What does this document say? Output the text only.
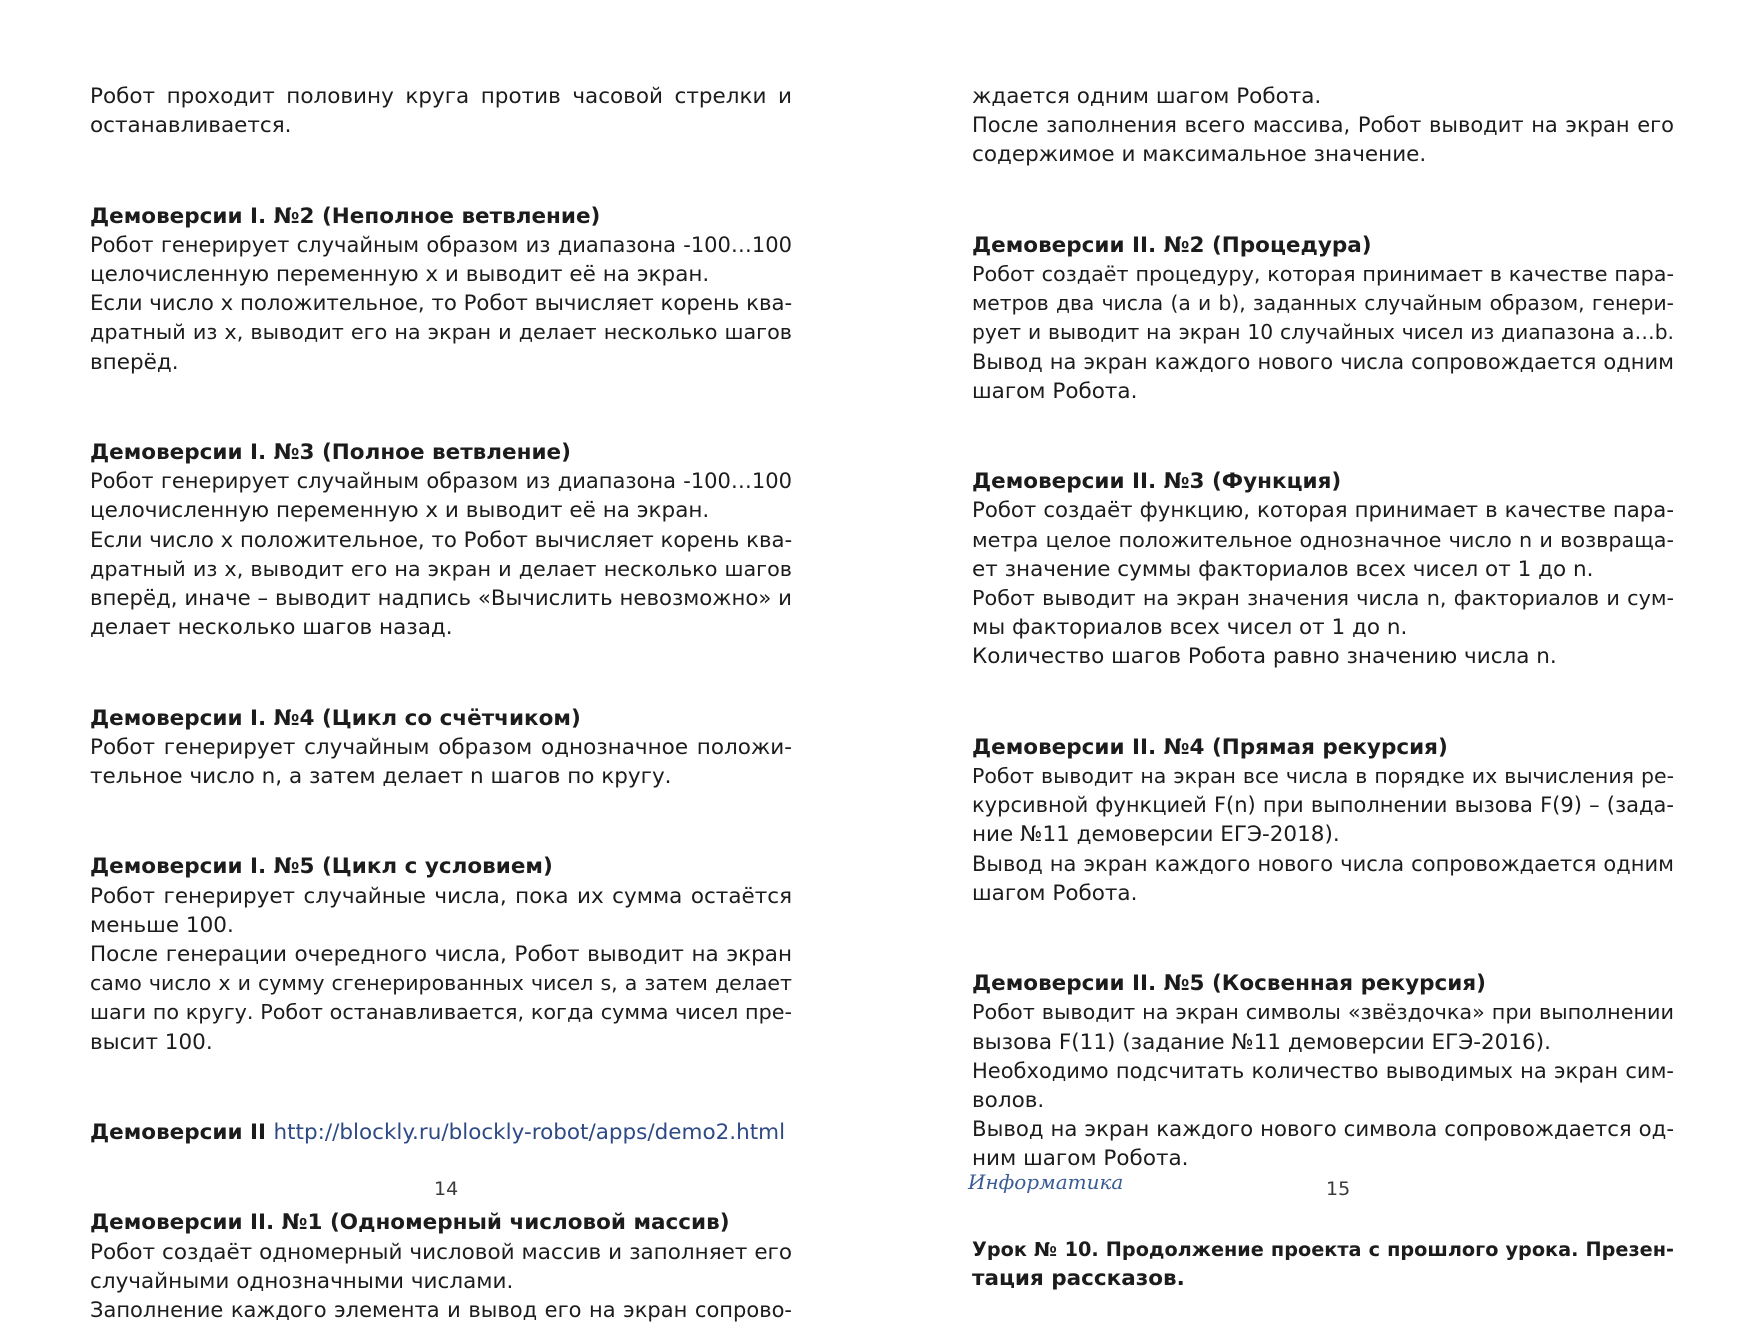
Робот проходит половину круга против часовой стрелки и

останавливается.

Демоверсии I. №2 (Неполное ветвление)

Робот генерирует случайным образом из диапазона -100…100

целочисленную переменную x и выводит её на экран.

Если число x положительное, то Робот вычисляет корень ква-

дратный из x, выводит его на экран и делает несколько шагов

вперёд.

Демоверсии I. №3 (Полное ветвление)

Робот генерирует случайным образом из диапазона -100…100

целочисленную переменную x и выводит её на экран.

Если число x положительное, то Робот вычисляет корень ква-

дратный из x, выводит его на экран и делает несколько шагов

вперёд, иначе – выводит надпись «Вычислить невозможно» и

делает несколько шагов назад.

Демоверсии I. №4 (Цикл со счётчиком)

Робот генерирует случайным образом однозначное положи-

тельное число n, а затем делает n шагов по кругу.

Демоверсии I. №5 (Цикл с условием)

Робот генерирует случайные числа, пока их сумма остаётся

меньше 100.

После генерации очередного числа, Робот выводит на экран

само число x и сумму сгенерированных чисел s, а затем делает

шаги по кругу. Робот останавливается, когда сумма чисел пре-

высит 100.

Демоверсии II http://blockly.ru/blockly-robot/apps/demo2.html

Демоверсии II. №1 (Одномерный числовой массив)

Робот создаёт одномерный числовой массив и заполняет его

случайными однозначными числами.

Заполнение каждого элемента и вывод его на экран сопрово-

ждается одним шагом Робота.

После заполнения всего массива, Робот выводит на экран его

содержимое и максимальное значение.

Демоверсии II. №2 (Процедура)

Робот создаёт процедуру, которая принимает в качестве пара-

метров два числа (a и b), заданных случайным образом, генери-

рует и выводит на экран 10 случайных чисел из диапазона a…b.

Вывод на экран каждого нового числа сопровождается одним

шагом Робота.

Демоверсии II. №3 (Функция)

Робот создаёт функцию, которая принимает в качестве пара-

метра целое положительное однозначное число n и возвраща-

ет значение суммы факториалов всех чисел от 1 до n.

Робот выводит на экран значения числа n, факториалов и сум-

мы факториалов всех чисел от 1 до n.

Количество шагов Робота равно значению числа n.

Демоверсии II. №4 (Прямая рекурсия)

Робот выводит на экран все числа в порядке их вычисления ре-

курсивной функцией F(n) при выполнении вызова F(9) – (зада-

ние №11 демоверсии ЕГЭ-2018).

Вывод на экран каждого нового числа сопровождается одним

шагом Робота.

Демоверсии II. №5 (Косвенная рекурсия)

Робот выводит на экран символы «звёздочка» при выполнении

вызова F(11) (задание №11 демоверсии ЕГЭ-2016).

Необходимо подсчитать количество выводимых на экран сим-

волов.

Вывод на экран каждого нового символа сопровождается од-

ним шагом Робота.

Урок № 10. Продолжение проекта с прошлого урока. Презен-

тация рассказов.

14	Информатика	15
